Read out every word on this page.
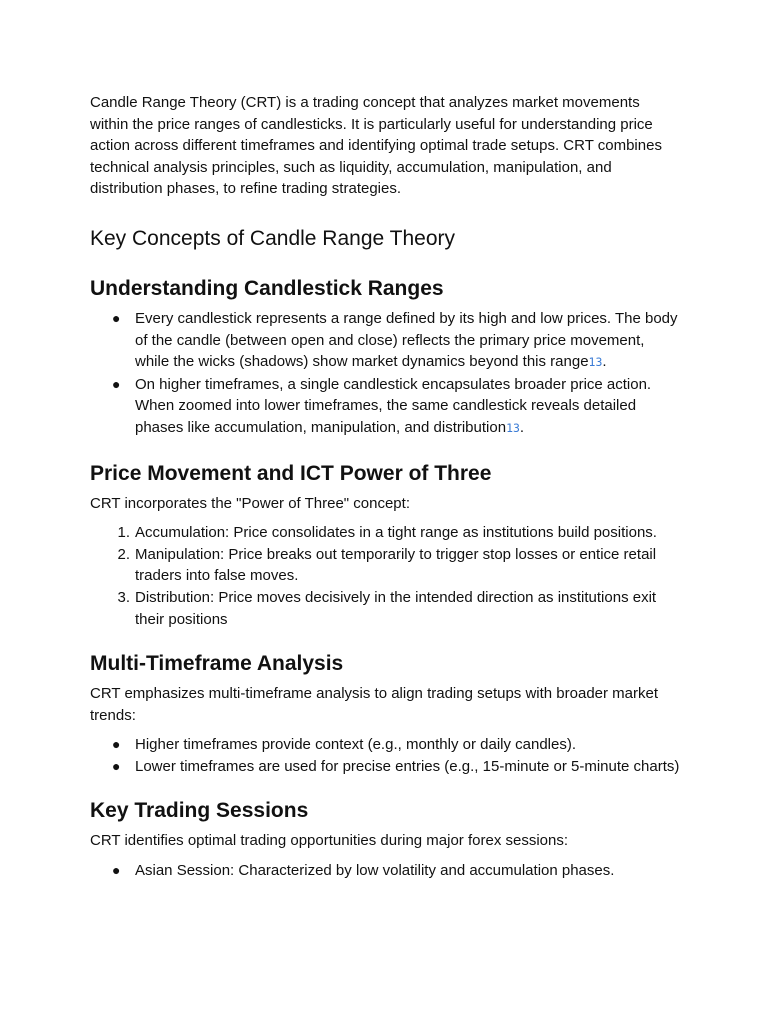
Candle Range Theory (CRT) is a trading concept that analyzes market movements within the price ranges of candlesticks. It is particularly useful for understanding price action across different timeframes and identifying optimal trade setups. CRT combines technical analysis principles, such as liquidity, accumulation, manipulation, and distribution phases, to refine trading strategies.

Key Concepts of Candle Range Theory
Understanding Candlestick Ranges
● Every candlestick represents a range defined by its high and low prices. The body of the candle (between open and close) reflects the primary price movement, while the wicks (shadows) show market dynamics beyond this range13.
● On higher timeframes, a single candlestick encapsulates broader price action. When zoomed into lower timeframes, the same candlestick reveals detailed phases like accumulation, manipulation, and distribution13.
Price Movement and ICT Power of Three

CRT incorporates the "Power of Three" concept:

1. Accumulation: Price consolidates in a tight range as institutions build positions.
2. Manipulation: Price breaks out temporarily to trigger stop losses or entice retail traders into false moves.
3. Distribution: Price moves decisively in the intended direction as institutions exit their positions
Multi-Timeframe Analysis

CRT emphasizes multi-timeframe analysis to align trading setups with broader market trends:

● Higher timeframes provide context (e.g., monthly or daily candles).
● Lower timeframes are used for precise entries (e.g., 15-minute or 5-minute charts)
Key Trading Sessions

CRT identifies optimal trading opportunities during major forex sessions:

● Asian Session: Characterized by low volatility and accumulation phases.
